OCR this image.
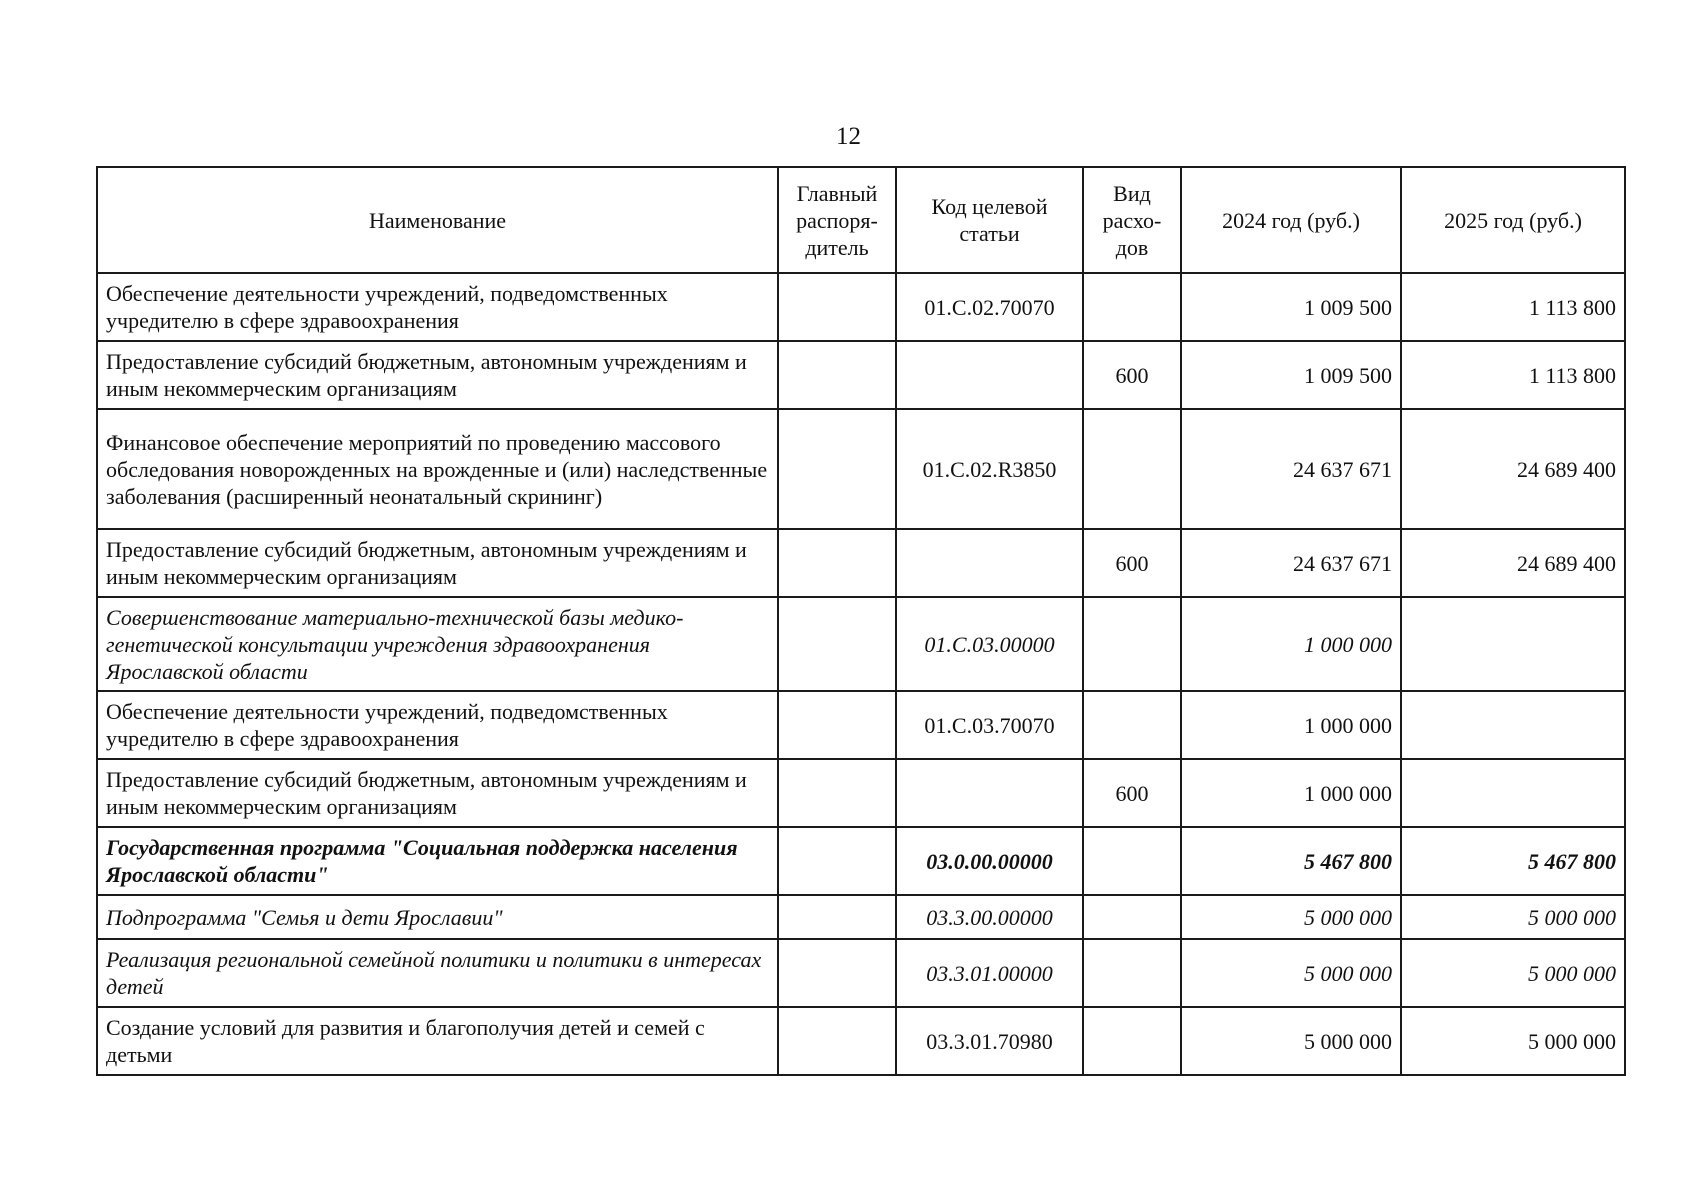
12
Наименование	Главный распоря-дитель	Код целевой статьи	Вид расхо-дов	2024 год (руб.)	2025 год (руб.)
Обеспечение деятельности учреждений, подведомственных учредителю в сфере здравоохранения		01.С.02.70070		1 009 500	1 113 800
Предоставление субсидий бюджетным, автономным учреждениям и иным некоммерческим организациям			600	1 009 500	1 113 800
Финансовое обеспечение мероприятий по проведению массового обследования новорожденных на врожденные и (или) наследственные заболевания (расширенный неонатальный скрининг)		01.С.02.R3850		24 637 671	24 689 400
Предоставление субсидий бюджетным, автономным учреждениям и иным некоммерческим организациям			600	24 637 671	24 689 400
Совершенствование материально-технической базы медико-генетической консультации учреждения здравоохранения Ярославской области		01.С.03.00000		1 000 000	
Обеспечение деятельности учреждений, подведомственных учредителю в сфере здравоохранения		01.С.03.70070		1 000 000	
Предоставление субсидий бюджетным, автономным учреждениям и иным некоммерческим организациям			600	1 000 000	
Государственная программа "Социальная поддержка населения Ярославской области"		03.0.00.00000		5 467 800	5 467 800
Подпрограмма "Семья и дети Ярославии"		03.3.00.00000		5 000 000	5 000 000
Реализация региональной семейной политики и политики в интересах детей		03.3.01.00000		5 000 000	5 000 000
Создание условий для развития и благополучия детей и семей с детьми		03.3.01.70980		5 000 000	5 000 000
